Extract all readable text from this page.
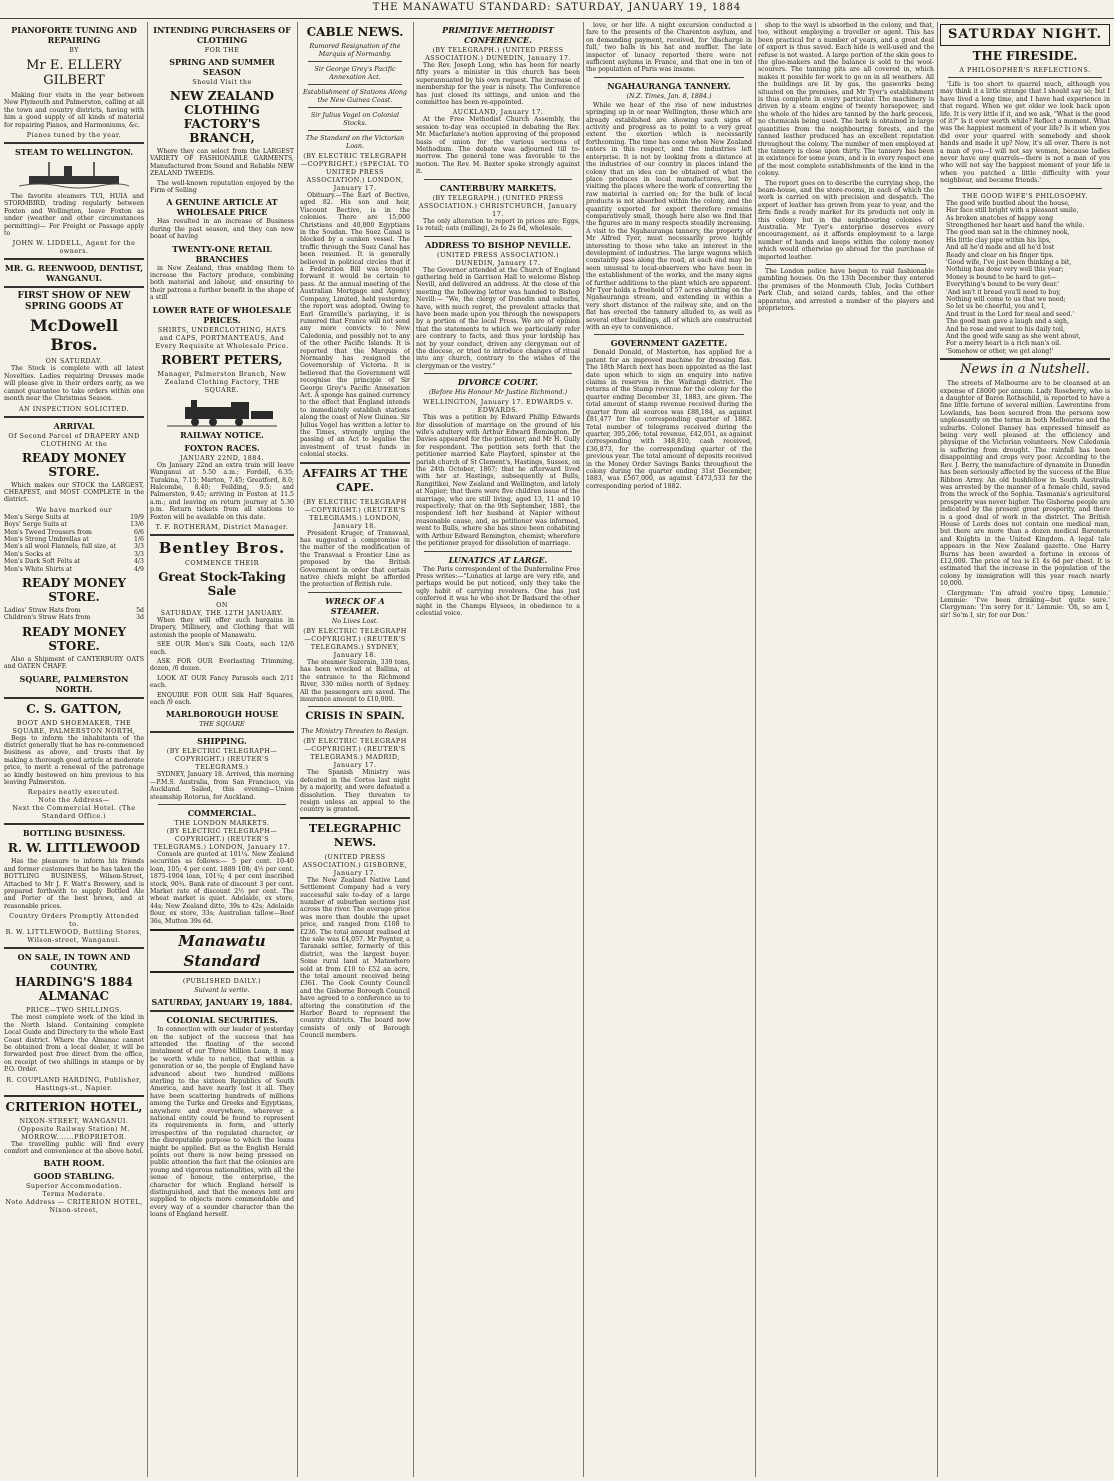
THE MANAWATU STANDARD: SATURDAY, JANUARY 19, 1884
PIANOFORTE TUNING AND REPAIRING
BY
Mr E. ELLERY GILBERT

Making four visits in the year between New Plymouth and Palmerston, calling at all the town and country districts, having with him a good supply of all kinds of material for repairing Pianos, and Harmoniums, &c.

Pianos tuned by the year.
STEAM TO WELLINGTON.

The favorite steamers TUI, HUIA and STORMBIRD, trading regularly between Foxton and Wellington, leave Foxton as under (weather and other circumstances permitting)— For Freight or Passage apply to

JOHN W. LIDDELL, Agent for the owners.
MR. G. REENWOOD, DENTIST, WANGANUI.
FIRST SHOW OF NEW SPRING GOODS AT
McDowell Bros.
ON SATURDAY.

The Stock is complete with all latest Novelties. Ladies requiring Dresses made will please give in their orders early, as we cannot guarantee to take orders within one month near the Christmas Season.

AN INSPECTION SOLICITED.
ARRIVAL
Of Second Parcel of DRAPERY AND CLOTHING At the
READY MONEY STORE.

Which makes our STOCK the LARGEST, CHEAPEST, and MOST COMPLETE in the district.

We have marked our
Men's Serge Suits at	19/9
Boys' Serge Suits at	13/6
Men's Tweed Trousers from	6/6
Men's Strong Umbrellas at	1/6
Men's all wool Flannels, full size, at	3/3
Men's Socks at	3/3
Men's Dark Soft Felts at	4/3
Men's White Shirts at	4/9
READY MONEY STORE.
Ladies' Straw Hats from	5d
Children's Straw Hats from	3d
READY MONEY STORE.

Also a Shipment of CANTERBURY OATS and OATEN CHAFF.

SQUARE, PALMERSTON NORTH.
C. S. GATTON,
BOOT AND SHOEMAKER, THE SQUARE, PALMERSTON NORTH,

Begs to inform the inhabitants of the district generally that he has re-commenced business as above, and trusts that by making a thorough good article at moderate price, to merit a renewal of the patronage so kindly bestowed on him previous to his leaving Palmerston.

Repairs neatly executed.
Note the Address—
Next the Commercial Hotel. (The Standard Office.)
BOTTLING BUSINESS.
R. W. LITTLEWOOD

Has the pleasure to inform his friends and former customers that he has taken the BOTTLING BUSINESS, Wilson-Street, Attached to Mr J. F. Watt's Brewery, and is prepared forthwith to supply Bottled Ale and Porter of the best brews, and at reasonable prices.

Country Orders Promptly Attended to.
R. W. LITTLEWOOD, Bottling Stores, Wilson-street, Wanganui.
ON SALE, IN TOWN AND COUNTRY,
HARDING'S 1884 ALMANAC
PRICE—TWO SHILLINGS.

The most complete work of the kind in the North Island. Containing complete Local Guide and Directory to the whole East Coast district. Where the Almanac cannot be obtained from a local dealer, it will be forwarded post free direct from the office, on receipt of two shillings in stamps or by P.O. Order.

R. COUPLAND HARDING, Publisher, Hastings-st., Napier.
CRITERION HOTEL,
NIXON-STREET, WANGANUI. (Opposite Railway Station) M. MORROW.......PROPRIETOR.

The travelling public will find every comfort and convenience at the above hotel.

BATH ROOM.
GOOD STABLING.
Superior Accommodation.
Terms Moderate.
Note Address — CRITERION HOTEL, Nixon-street,
INTENDING PURCHASERS OF CLOTHING
FOR THE
SPRING AND SUMMER SEASON
Should Visit the
NEW ZEALAND CLOTHING FACTORY'S BRANCH,

Where they can select from the LARGEST VARIETY OF FASHIONABLE GARMENTS, Manufactured from Sound and Reliable NEW ZEALAND TWEEDS.

The well-known reputation enjoyed by the Firm of Selling

A GENUINE ARTICLE AT WHOLESALE PRICE

Has resulted in an increase of Business during the past season, and they can now boast of having

TWENTY-ONE RETAIL BRANCHES

in New Zealand, thus enabling them to increase the Factory produce, combining both material and labour, and ensuring to their patrons a further benefit in the shape of a still

LOWER RATE OF WHOLESALE PRICES.
SHIRTS, UNDERCLOTHING, HATS and CAPS, PORTMANTEAUS, And Every Requisite at Wholesale Price.
ROBERT PETERS,
Manager, Palmerston Branch, New Zealand Clothing Factory, THE SQUARE.
RAILWAY NOTICE.
FOXTON RACES.
JANUARY 22ND, 1884.

On January 22nd an extra train will leave Wanganui at 5.50 a.m.; Fordell, 6.35; Turakina, 7.15; Marton, 7.45; Greatford, 8.0; Halcombe, 8.40; Feilding, 9.5; and Palmerston, 9.45; arriving in Foxton at 11.5 a.m.; and leaving on return journey at 5.30 p.m. Return tickets from all stations to Foxton will be available on this date.

T. F. ROTHERAM, District Manager.
Bentley Bros.
COMMENCE THEIR
Great Stock-Taking Sale
ON
SATURDAY, THE 12TH JANUARY.

When they will offer such bargains in Drapery, Millinery, and Clothing that will astonish the people of Manawatu.

SEE OUR Men's Silk Coats, each 12/6 each.

ASK FOR OUR Everlasting Trimming, dozen, /6 dozen.

LOOK AT OUR Fancy Parasols each 2/11 each.

ENQUIRE FOR OUR Silk Half Squares, each /9 each.

MARLBOROUGH HOUSE
THE SQUARE
SHIPPING.
(BY ELECTRIC TELEGRAPH—COPYRIGHT.) (REUTER'S TELEGRAMS.)

SYDNEY, January 18. Arrived, this morning—P.M.S. Australia, from San Francisco, via Auckland. Sailed, this evening—Union steamship Rotorua, for Auckland.

COMMERCIAL.
THE LONDON MARKETS.
(BY ELECTRIC TELEGRAPH—COPYRIGHT.) (REUTER'S TELEGRAMS.) LONDON, January 17.

Consols are quoted at 101¼. New Zealand securities as follows:— 5 per cent. 10-40 loan, 105; 4 per cent. 1889 108; 4½ per cent. 1875-1904 loan, 101¼; 4 per cent inscribed stock, 90¾. Bank rate of discount 3 per cent. Market rate of discount 2½ per cent. The wheat market is quiet. Adelaide, ex store, 44s; New Zealand ditto, 39s to 42s; Adelaide flour, ex store, 33s; Australian tallow—Beef 36s, Mutton 39s 6d.

Manawatu Standard
(PUBLISHED DAILY.)
Suivant la verite.
SATURDAY, JANUARY 19, 1884.
COLONIAL SECURITIES.

In connection with our leader of yesterday on the subject of the success that has attended the floating of the second instalment of our Three Million Loan, it may be worth while to notice, that within a generation or so, the people of England have advanced about two hundred millions sterling to the sixteen Republics of South America, and have nearly lost it all. They have been scattering hundreds of millions among the Turks and Greeks and Egyptians, anywhere and everywhere, wherever a national entity could be found to represent its requirements in form, and utterly irrespective of the regulated character, or the disreputable purpose to which the loans might be applied. But as the English Herald points out there is now being pressed on public attention the fact that the colonies are young and vigorous nationalities, with all the sense of honour, the enterprise, the character for which England herself is distinguished, and that the moneys lent are supplied to objects more commendable and every way of a sounder character than the loans of England herself.

CABLE NEWS.
Rumored Resignation of the Marquis of Normanby.
Sir George Grey's Pacific Annexation Act.
Establishment of Stations Along the New Guinea Coast.
Sir Julius Vogel on Colonial Stocks.
The Standard on the Victorian Loan.
(BY ELECTRIC TELEGRAPH—COPYRIGHT.) (SPECIAL TO UNITED PRESS ASSOCIATION.) LONDON, January 17.

Obituary.—The Earl of Bective, aged 82. His son and heir, Viscount Bective, is in the colonies. There are 15,000 Christians and 40,000 Egyptians in the Soudan. The Suez Canal is blocked by a sunken vessel. The traffic through the Suez Canal has been resumed. It is generally believed in political circles that if a Federation Bill was brought forward it would be certain to pass. At the annual meeting of the Australian Mortgage and Agency Company, Limited, held yesterday, the report was adopted. Owing to Earl Granville's parlaying, it is rumored that France will not send any more convicts to New Caledonia, and possibly not to any of the other Pacific Islands. It is reported that the Marquis of Normanby has resigned the Governorship of Victoria. It is believed that the Government will recognise the principle of Sir George Grey's Pacific Annexation Act. A sponge has gained currency to the effect that England intends to immediately establish stations along the coast of New Guinea. Sir Julius Vogel has written a letter to the Times, strongly urging the passing of an Act to legalise the investment of trust funds in colonial stocks.

AFFAIRS AT THE CAPE.
(BY ELECTRIC TELEGRAPH—COPYRIGHT.) (REUTER'S TELEGRAMS.) LONDON, January 18.

President Kruger, of Transvaal, has suggested a compromise in the matter of the modification of the Transvaal a Frontier Line as proposed by the British Government in order that certain native chiefs might be afforded the protection of British rule.

WRECK OF A STEAMER.
No Lives Lost.
(BY ELECTRIC TELEGRAPH—COPYRIGHT.) (REUTER'S TELEGRAMS.) SYDNEY, January 18.

The steamer Suzerain, 339 tons, has been wrecked at Ballina, at the entrance to the Richmond River, 330 miles north of Sydney. All the passengers are saved. The insurance amount to £10,000.

CRISIS IN SPAIN.
The Ministry Threaten to Resign.
(BY ELECTRIC TELEGRAPH—COPYRIGHT.) (REUTER'S TELEGRAMS.) MADRID, January 17.

The Spanish Ministry was defeated in the Cortes last night by a majority, and were defeated a dissolution. They threaten to resign unless an appeal to the country is granted.

TELEGRAPHIC NEWS.
(UNITED PRESS ASSOCIATION.) GISBORNE, January 17.

The New Zealand Native Land Settlement Company had a very successful sale to-day of a large number of suburban sections just across the river. The average price was more than double the upset price, and ranged from £108 to £236. The total amount realised at the sale was £4,057. Mr Poynter, a Taranaki settler, formerly of this district, was the largest buyer. Some rural land at Matawhero sold at from £10 to £52 an acre, the total amount received being £361. The Cook County Council and the Gisborne Borough Council have agreed to a conference as to altering the constitution of the Harbor Board to represent the country districts. The board now consists of only of Borough Council members.

PRIMITIVE METHODIST CONFERENCE.
(BY TELEGRAPH.) (UNITED PRESS ASSOCIATION.) DUNEDIN, January 17.

The Rev. Joseph Long, who has been for nearly fifty years a minister in this church has been superannuated by his own request. The increase of membership for the year is ninety. The Conference has just closed its sittings, and union and the committee has been re-appointed.

AUCKLAND, January 17.

At the Free Methodist Church Assembly, the session to-day was occupied in debating the Rev. Mr. Macfarlane's motion approving of the proposed basis of union for the various sections of Methodism. The debate was adjourned till to-morrow. The general tone was favorable to the motion. The Rev. M. Baxter spoke strongly against it.

CANTERBURY MARKETS.
(BY TELEGRAPH.) (UNITED PRESS ASSOCIATION.) CHRISTCHURCH, January 17.

The only alteration to report in prices are: Eggs, 1s retail; oats (milling), 2s to 2s 6d, wholesale.

ADDRESS TO BISHOP NEVILLE.
(UNITED PRESS ASSOCIATION.) DUNEDIN, January 17.

The Governor attended at the Church of England gathering held in Garrison Hall to welcome Bishop Nevill, and delivered an address. At the close of the meeting the following letter was handed to Bishop Nevill:— "We, the clergy of Dunedin and suburbs, have, with much regret, the prevalent attacks that have been made upon you through the newspapers by a portion of the local Press. We are of opinion that the statements to which we particularly refer are contrary to facts, and thus your lordship has not by your conduct, driven any clergyman out of the diocese, or tried to introduce changes of ritual into any church, contrary to the wishes of the clergyman or the vestry."

DIVORCE COURT.
(Before His Honour Mr Justice Richmond.)
WELLINGTON, January 17. EDWARDS v. EDWARDS.

This was a petition by Edward Phillip Edwards for dissolution of marriage on the ground of his wife's adultery with Arthur Edward Remington. Dr Davies appeared for the petitioner, and Mr H. Gully for respondent. The petition sets forth that the petitioner married Kate Playford, spinster at the parish church of St Clement's, Hastings, Sussex, on the 24th October, 1867; that he afterward lived with her at Hastings, subsequently at Bulls, Rangitikei, New Zealand and Wellington, and lately at Napier; that there were five children issue of the marriage, who are still living, aged 13, 11 and 10 respectively; that on the 9th September, 1881, the respondent left her husband at Napier without reasonable cause, and, as petitioner was informed, went to Bulls, where she has since been cohabiting with Arthur Edward Remington, chemist; wherefore the petitioner prayed for dissolution of marriage.

LUNATICS AT LARGE.

The Paris correspondent of the Dunfermline Free Press writes:—"Lunatics at large are very rife, and perhaps would be put noticed, only they take the ugly habit of carrying revolvers. One has just conferred it was he who shot Dr Badsard the other night in the Champs Elysees, in obedience to a celestial voice.

love, or her life. A night excursion conducted a fare to the presents of the Charenton asylum, and on demanding payment, received, for 'discharge in full,' two balls in his hat and muffler. The late inspector of lunacy reported there were not sufficient asylums in France, and that one in ten of the population of Paris was insane.

NGAHAURANGA TANNERY.
(N.Z. Times, Jan. 8, 1884.)

While we hear of the rise of new industries springing up in or near Wellington, those which are already established are showing such signs of activity and progress as to point to a very great extent the exertion which is necessarily forthcoming. The time has come when New Zealand enters in this respect, and the industries left enterprise. It is not by looking from a distance at the industries of our country in places inland the colony that an idea can be obtained of what the place produces in local manufactures, but by visiting the places where the work of converting the raw material is carried on; for the bulk of local products is not absorbed within the colony, and the quantity exported for export therefore remains comparatively small, though here also we find that the figures are in many respects steadily increasing. A visit to the Ngahauranga tannery, the property of Mr Alfred Tyer, must necessarily prove highly interesting to those who take an interest in the development of industries. The large wagons which constantly pass along the road, at each end may be seen unusual to local-observers who have been in the establishment of the works, and the many signs of further additions to the plant which are apparent. Mr Tyer holds a freehold of 57 acres abutting on the Ngahauranga stream, and extending in within a very short distance of the railway site, and on the flat has erected the tannery alluded to, as well as several other buildings, all of which are constructed with an eye to convenience.

GOVERNMENT GAZETTE.

Donald Donald, of Masterton, has applied for a patent for an improved machine for dressing flax. The 18th March next has been appointed as the last date upon which to sign an enquiry into native claims in reserves in the Waitangi district. The returns of the Stamp revenue for the colony for the quarter ending December 31, 1883, are given. The total amount of stamp revenue received during the quarter from all sources was £88,184, as against £81,477 for the corresponding quarter of 1882. Total number of telegrams received during the quarter, 395,266; total revenue, £42,051, as against corresponding with 348,810, cash received, £36,873, for the corresponding quarter of the previous year. The total amount of deposits received in the Money Order Savings Banks throughout the colony during the quarter ending 31st December, 1883, was £567,000, as against £473,533 for the corresponding period of 1882.

shop to the wayl is absorbed in the colony, and that, too, without employing a traveller or agent. This has been practical for a number of years, and a great deal of export is thus saved. Each hide is well-used and the refuse is not wasted. A large portion of the skin goes to the glue-makers and the balance is sold to the wool-scourers. The tanning pits are all covered in, which makes it possible for work to go on in all weathers. All the buildings are lit by gas, the gasworks being situated on the premises, and Mr Tyer's establishment is thus complete in every particular. The machinery is driven by a steam engine of twenty horsepower, and the whole of the hides are tanned by the bark process, no chemicals being used. The bark is obtained in large quantities from the neighbouring forests, and the tanned leather produced has an excellent reputation throughout the colony. The number of men employed at the tannery is close upon thirty. The tannery has been in existence for some years, and is in every respect one of the most complete establishments of the kind in the colony.

The report goes on to describe the currying shop, the beam-house, and the store-rooms, in each of which the work is carried on with precision and despatch. The export of leather has grown from year to year, and the firm finds a ready market for its products not only in this colony but in the neighbouring colonies of Australia. Mr Tyer's enterprise deserves every encouragement, as it affords employment to a large number of hands and keeps within the colony money which would otherwise go abroad for the purchase of imported leather.

The London police have begun to raid fashionable gambling houses. On the 13th December they entered the premises of the Monmouth Club, Jocks Cuthbert Park Club, and seized cards, tables, and the other apparatus, and arrested a number of the players and proprietors.

SATURDAY NIGHT.
THE FIRESIDE.
A PHILOSOPHER'S REFLECTIONS.

'Life is too short to quarrel much, although you may think it a little strange that I should say so; but I have lived a long time, and I have had experience in that regard. When we get older we look back upon life. It is very little if it, and we ask, "What is the good of it?" Is it ever worth while? Reflect a moment. What was the happiest moment of your life? Is it when you did over your quarrel with somebody and shook hands and made it up? Now, it's all over. There is not a man of you—I will not say women, because ladies never have any quarrels—there is not a man of you who will not say the happiest moment of your life is when you patched a little difficulty with your neighbour, and became friends.'

THE GOOD WIFE'S PHILOSOPHY.
The good wife bustled about the house,
Her face still bright with a pleasant smile,
As broken snatches of happy song
Strengthened her heart and hand the while.
The good man sat in the chimney nook,
His little clay pipe within his lips,
And all he'd made and all he'd lost
Ready and clear on his finger tips.
'Good wife, I've just been thinking a bit,
Nothing has done very well this year;
Money is bound to be hard to get—
Everything's bound to be very dear.'
'And isn't it bread you'll need to buy,
Nothing will come to us that we need;
So let us be cheerful, you and I,
And trust in the Lord for meal and seed.'
The good man gave a laugh and a sigh,
And he rose and went to his daily toil,
And the good wife sang as she went about,
For a merry heart is a rich man's oil.
'Somehow or other, we get along!'
News in a Nutshell.

The streets of Melbourne are to be cleansed at an expense of £8000 per annum. Lady Roseberry, who is a daughter of Baron Rothschild, is reported to have a fine little fortune of several million. Lawrentine from Lowlands, has been secured from the persons now unpleasantly on the terms in both Melbourne and the suburbs. Colonel Dansey has expressed himself as being very well pleased at the efficiency and physique of the Victorian volunteers. New Caledonia is suffering from drought. The rainfall has been disappointing and crops very poor. According to the Rev. J. Berry, the manufacture of dynamite in Dunedin has been seriously affected by the success of the Blue Ribbon Army. An old bushfellow in South Australia was arrested by the manner of a female child, saved from the wreck of the Sophia. Tasmania's agricultural prosperity was never higher. The Gisborne people are indicated by the present great prosperity, and there is a good deal of work in the district. The British House of Lords does not contain one medical man, but there are more than a dozen medical Baronets and Knights in the United Kingdom. A legal tale appears in the New Zealand gazette. One Harry Burns has been awarded a fortune in excess of £12,000. The price of tea is £1 4s 6d per chest. It is estimated that the increase in the population of the colony by immigration will this year reach nearly 10,000.

Clergyman: 'I'm afraid you're tipsy, Lemmie.' Lemmie: 'I've been drinking—but quite sure.' Clergyman: 'I'm sorry for it.' Lemmie: 'Oh, so am I, sir! So'm I, sir; for our Don.'
